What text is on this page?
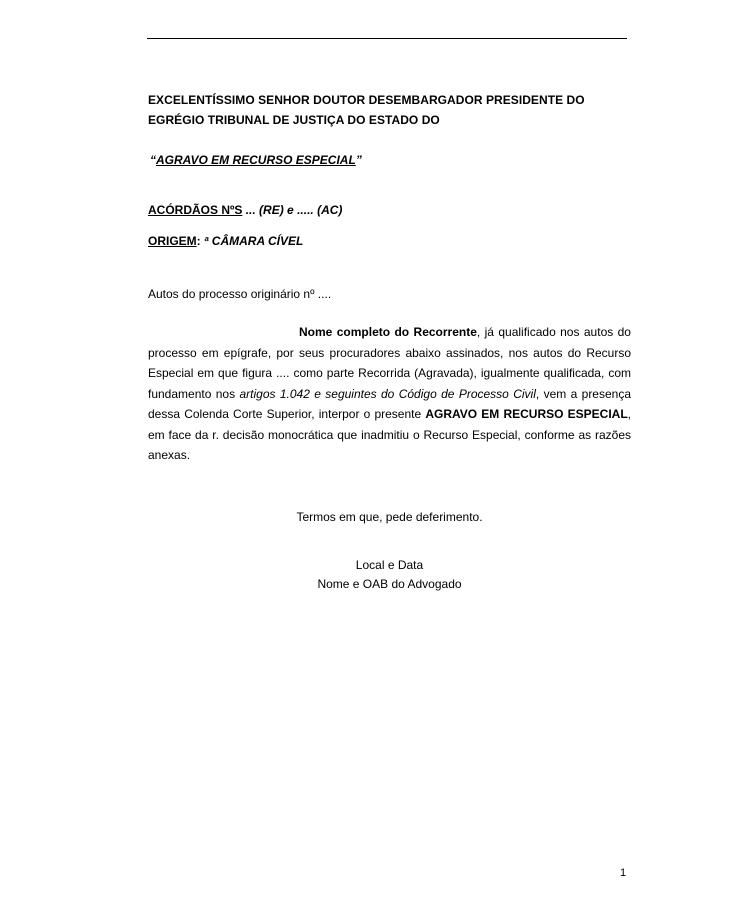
EXCELENTÍSSIMO SENHOR DOUTOR DESEMBARGADOR PRESIDENTE DO
EGRÉGIO TRIBUNAL DE JUSTIÇA DO ESTADO DO
“AGRAVO EM RECURSO ESPECIAL”
ACÓRDÃOS NºS ... (RE) e ..... (AC)
ORIGEM: ª CÂMARA CÍVEL
Autos do processo originário nº ....
Nome completo do Recorrente, já qualificado nos autos do processo em epígrafe, por seus procuradores abaixo assinados, nos autos do Recurso Especial em que figura .... como parte Recorrida (Agravada), igualmente qualificada, com fundamento nos artigos 1.042 e seguintes do Código de Processo Civil, vem a presença dessa Colenda Corte Superior, interpor o presente AGRAVO EM RECURSO ESPECIAL, em face da r. decisão monocrática que inadmitiu o Recurso Especial, conforme as razões anexas.
Termos em que, pede deferimento.
Local e Data
Nome e OAB do Advogado
1
